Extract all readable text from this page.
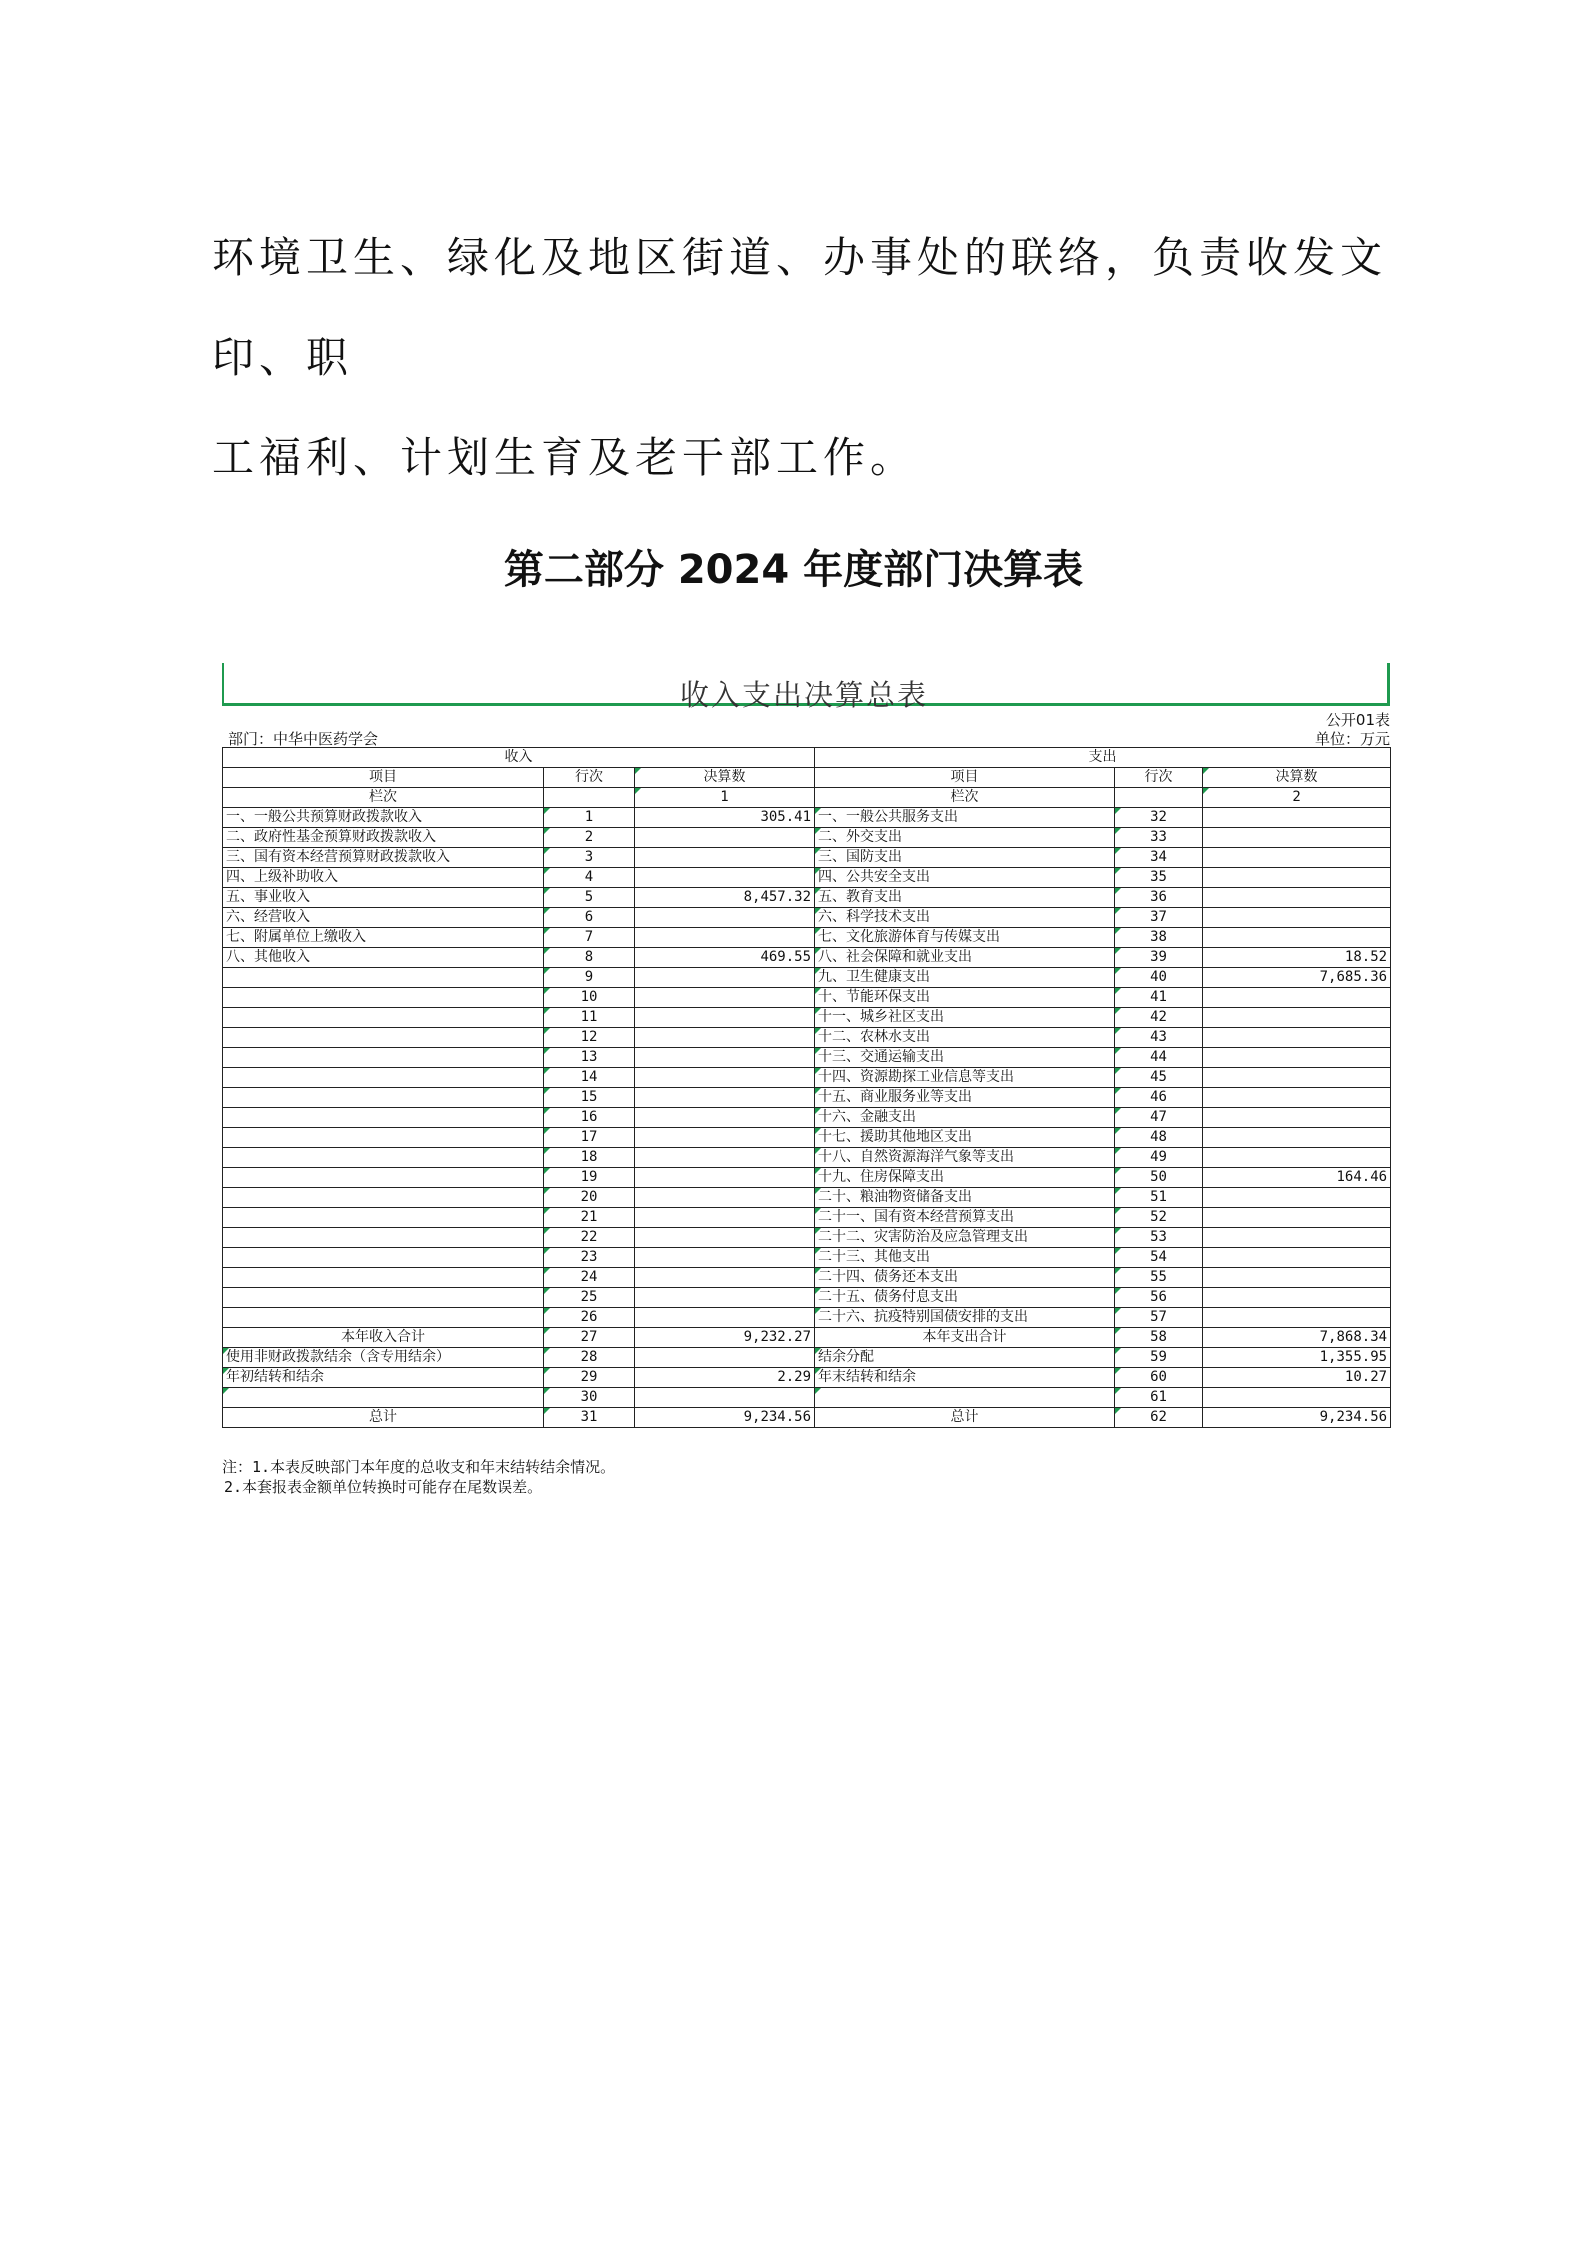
环境卫生、绿化及地区街道、办事处的联络，负责收发文印、职
工福利、计划生育及老干部工作。

第二部分 2024 年度部门决算表
收入支出决算总表
公开01表
部门：中华中医药学会	单位：万元
收入			支出		
项目	行次	决算数	项目	行次	决算数
栏次		1	栏次		2
一、一般公共预算财政拨款收入	1	305.41	一、一般公共服务支出	32	
二、政府性基金预算财政拨款收入	2		二、外交支出	33	
三、国有资本经营预算财政拨款收入	3		三、国防支出	34	
四、上级补助收入	4		四、公共安全支出	35	
五、事业收入	5	8,457.32	五、教育支出	36	
六、经营收入	6		六、科学技术支出	37	
七、附属单位上缴收入	7		七、文化旅游体育与传媒支出	38	
八、其他收入	8	469.55	八、社会保障和就业支出	39	18.52
	9		九、卫生健康支出	40	7,685.36
	10		十、节能环保支出	41	
	11		十一、城乡社区支出	42	
	12		十二、农林水支出	43	
	13		十三、交通运输支出	44	
	14		十四、资源勘探工业信息等支出	45	
	15		十五、商业服务业等支出	46	
	16		十六、金融支出	47	
	17		十七、援助其他地区支出	48	
	18		十八、自然资源海洋气象等支出	49	
	19		十九、住房保障支出	50	164.46
	20		二十、粮油物资储备支出	51	
	21		二十一、国有资本经营预算支出	52	
	22		二十二、灾害防治及应急管理支出	53	
	23		二十三、其他支出	54	
	24		二十四、债务还本支出	55	
	25		二十五、债务付息支出	56	
	26		二十六、抗疫特别国债安排的支出	57	
本年收入合计	27	9,232.27	本年支出合计	58	7,868.34
使用非财政拨款结余（含专用结余）	28		结余分配	59	1,355.95
年初结转和结余	29	2.29	年末结转和结余	60	10.27
	30			61	
总计	31	9,234.56	总计	62	9,234.56
注：1.本表反映部门本年度的总收支和年末结转结余情况。
2.本套报表金额单位转换时可能存在尾数误差。
